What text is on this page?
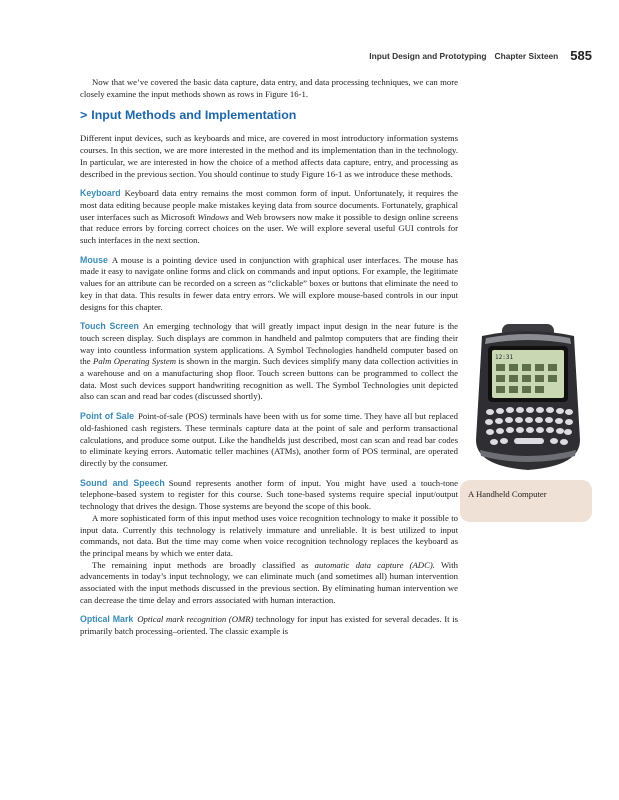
Input Design and Prototyping Chapter Sixteen 585

Now that we’ve covered the basic data capture, data entry, and data processing techniques, we can more closely examine the input methods shown as rows in Figure 16-1.

> Input Methods and Implementation

Different input devices, such as keyboards and mice, are covered in most introductory information systems courses. In this section, we are more interested in the method and its implementation than in the technology. In particular, we are interested in how the choice of a method affects data capture, entry, and processing as described in the previous section. You should continue to study Figure 16-1 as we introduce these methods.

Keyboard Keyboard data entry remains the most common form of input. Unfortunately, it requires the most data editing because people make mistakes keying data from source documents. Fortunately, graphical user interfaces such as Microsoft Windows and Web browsers now make it possible to design online screens that reduce errors by forcing correct choices on the user. We will explore several useful GUI controls for such interfaces in the next section.

Mouse A mouse is a pointing device used in conjunction with graphical user interfaces. The mouse has made it easy to navigate online forms and click on commands and input options. For example, the legitimate values for an attribute can be recorded on a screen as “clickable” boxes or buttons that eliminate the need to key in that data. This results in fewer data entry errors. We will explore mouse-based controls in our input designs for this chapter.

Touch Screen An emerging technology that will greatly impact input design in the near future is the touch screen display. Such displays are common in handheld and palmtop computers that are finding their way into countless information system applications. A Symbol Technologies handheld computer based on the Palm Operating System is shown in the margin. Such devices simplify many data collection activities in a warehouse and on a manufacturing shop floor. Touch screen buttons can be programmed to collect the data. Most such devices support handwriting recognition as well. The Symbol Technologies unit depicted also can scan and read bar codes (discussed shortly).

Point of Sale Point-of-sale (POS) terminals have been with us for some time. They have all but replaced old-fashioned cash registers. These terminals capture data at the point of sale and perform transactional calculations, and produce some output. Like the handhelds just described, most can scan and read bar codes to eliminate keying errors. Automatic teller machines (ATMs), another form of POS terminal, are operated directly by the consumer.

Sound and Speech Sound represents another form of input. You might have used a touch-tone telephone-based system to register for this course. Such tone-based systems require special input/output technology that drives the design. Those systems are beyond the scope of this book.

A more sophisticated form of this input method uses voice recognition technology to make it possible to input data. Currently this technology is relatively immature and unreliable. It is best utilized to input commands, not data. But the time may come when voice recognition technology replaces the keyboard as the principal means by which we enter data.

The remaining input methods are broadly classified as automatic data capture (ADC). With advancements in today’s input technology, we can eliminate much (and sometimes all) human intervention associated with the input methods discussed in the previous section. By eliminating human intervention we can decrease the time delay and errors associated with human interaction.

Optical Mark Optical mark recognition (OMR) technology for input has existed for several decades. It is primarily batch processing–oriented. The classic example is

12:31
A Handheld Computer
